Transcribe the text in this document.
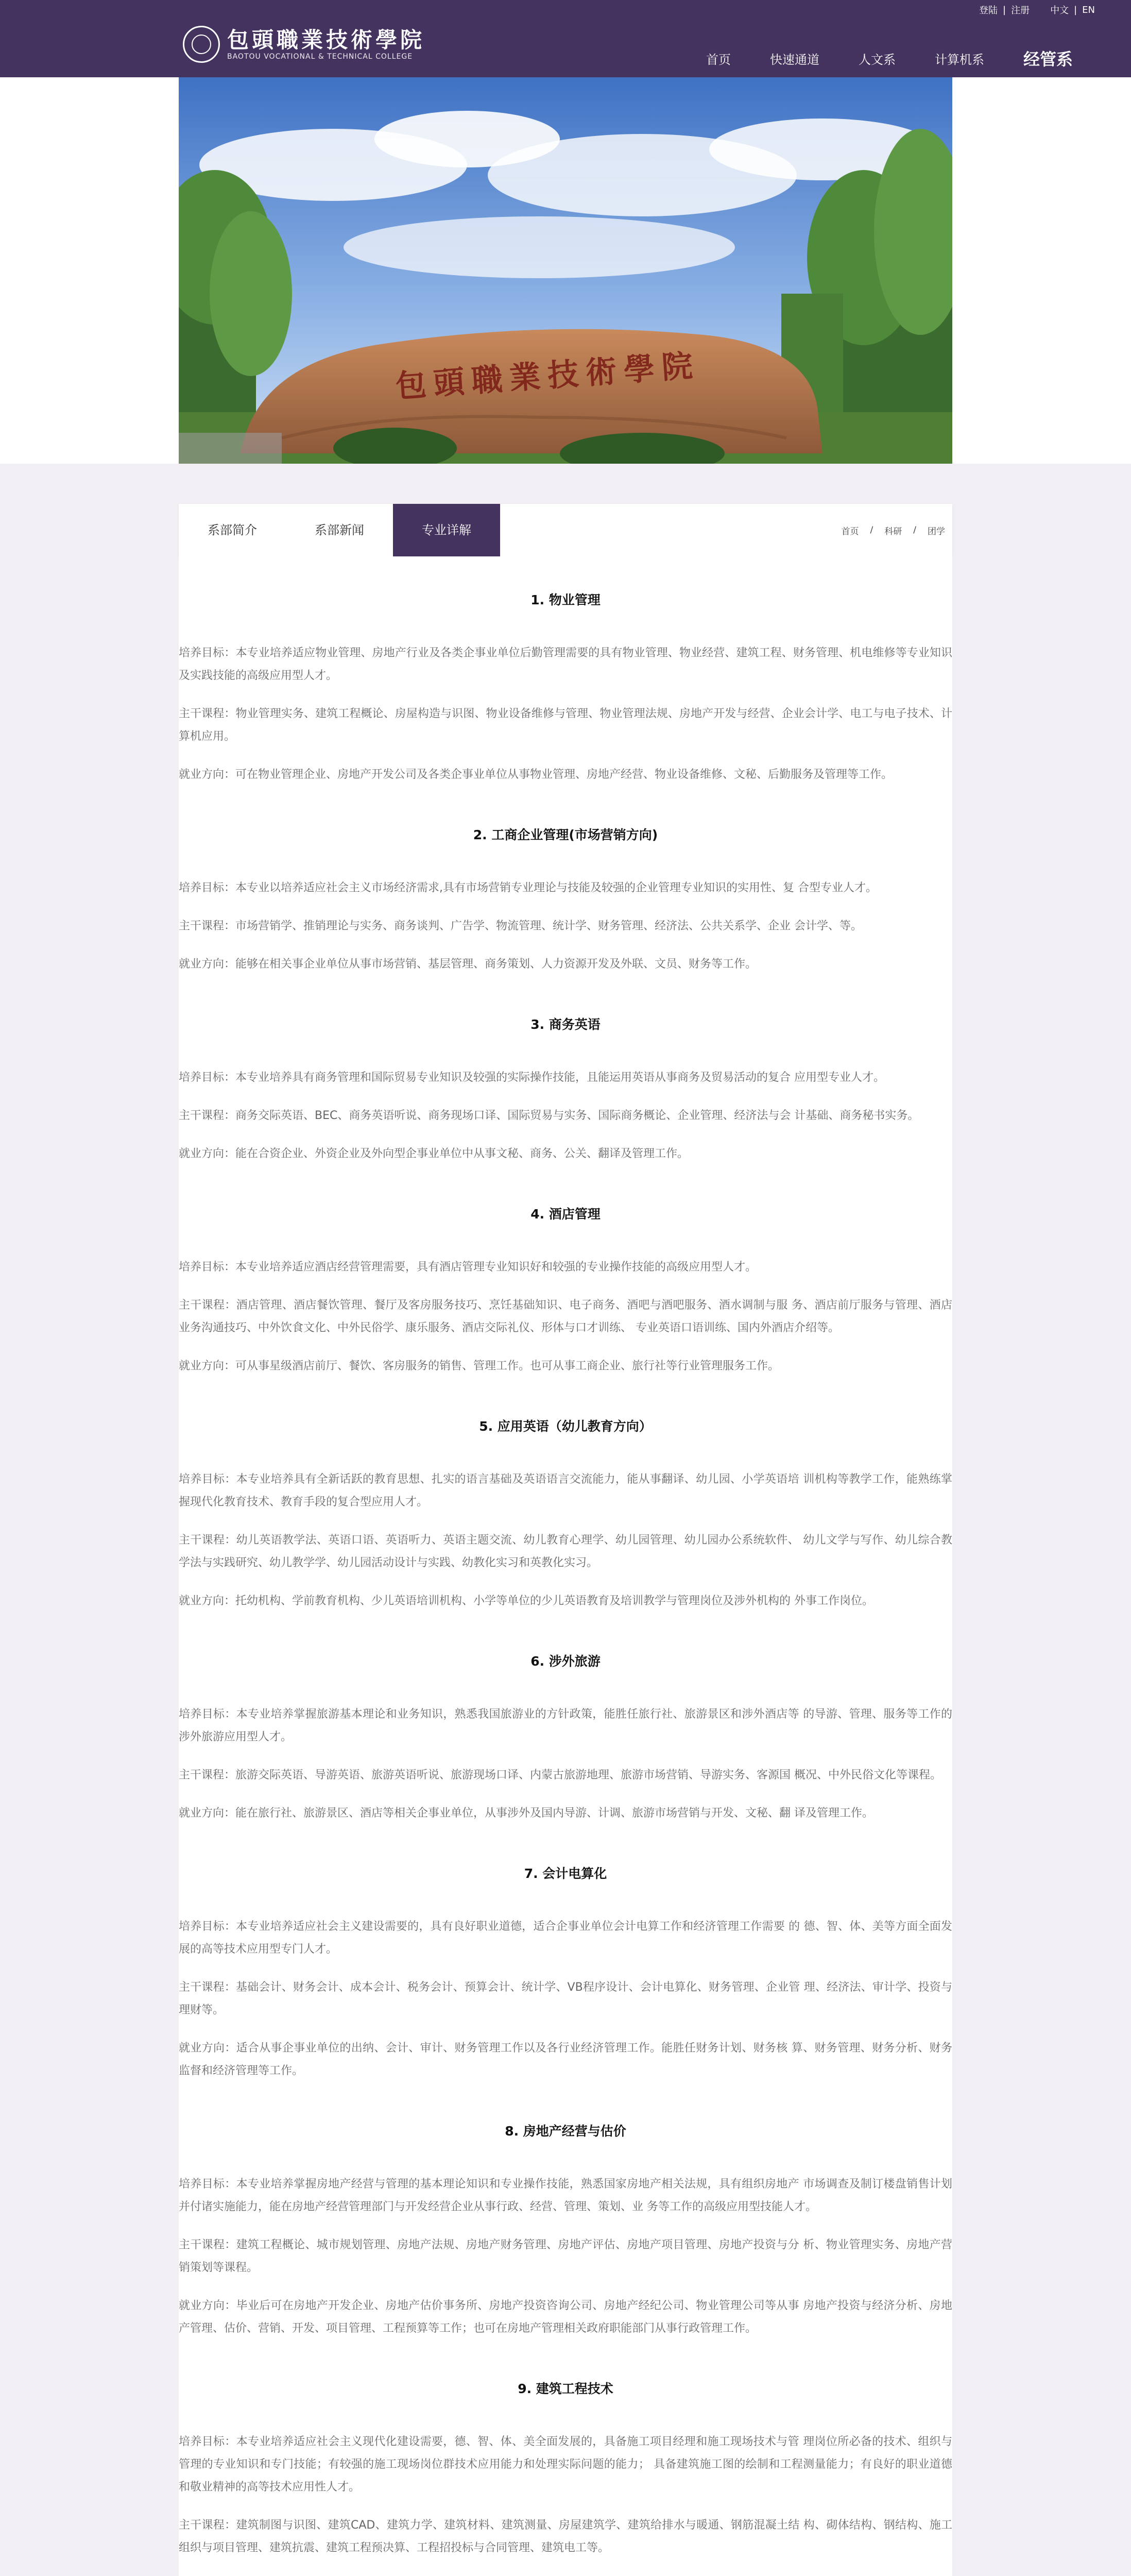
登陆 | 注册 中文 | EN
包頭職業技術學院
BAOTOU VOCATIONAL & TECHNICAL COLLEGE	首页	快速通道	人文系	计算机系	经管系
包頭職業技術學院
系部简介	系部新闻	专业详解	首页 / 科研 / 团学
1. 物业管理

培养目标：本专业培养适应物业管理、房地产行业及各类企事业单位后勤管理需要的具有物业管理、物业经营、建筑工程、财务管理、机电维修等专业知识及实践技能的高级应用型人才。

主干课程：物业管理实务、建筑工程概论、房屋构造与识图、物业设备维修与管理、物业管理法规、房地产开发与经营、企业会计学、电工与电子技术、计算机应用。

就业方向：可在物业管理企业、房地产开发公司及各类企事业单位从事物业管理、房地产经营、物业设备维修、文秘、后勤服务及管理等工作。

2. 工商企业管理(市场营销方向)

培养目标：本专业以培养适应社会主义市场经济需求,具有市场营销专业理论与技能及较强的企业管理专业知识的实用性、复 合型专业人才。

主干课程：市场营销学、推销理论与实务、商务谈判、广告学、物流管理、统计学、财务管理、经济法、公共关系学、企业 会计学、等。

就业方向：能够在相关事企业单位从事市场营销、基层管理、商务策划、人力资源开发及外联、文员、财务等工作。

3. 商务英语

培养目标：本专业培养具有商务管理和国际贸易专业知识及较强的实际操作技能，且能运用英语从事商务及贸易活动的复合 应用型专业人才。

主干课程：商务交际英语、BEC、商务英语听说、商务现场口译、国际贸易与实务、国际商务概论、企业管理、经济法与会 计基础、商务秘书实务。

就业方向：能在合资企业、外资企业及外向型企事业单位中从事文秘、商务、公关、翻译及管理工作。

4. 酒店管理

培养目标：本专业培养适应酒店经营管理需要，具有酒店管理专业知识好和较强的专业操作技能的高级应用型人才。

主干课程：酒店管理、酒店餐饮管理、餐厅及客房服务技巧、烹饪基础知识、电子商务、酒吧与酒吧服务、酒水调制与服 务、酒店前厅服务与管理、酒店业务沟通技巧、中外饮食文化、中外民俗学、康乐服务、酒店交际礼仪、形体与口才训练、 专业英语口语训练、国内外酒店介绍等。

就业方向：可从事星级酒店前厅、餐饮、客房服务的销售、管理工作。也可从事工商企业、旅行社等行业管理服务工作。

5. 应用英语（幼儿教育方向）

培养目标：本专业培养具有全新话跃的教育思想、扎实的语言基础及英语语言交流能力，能从事翻译、幼儿园、小学英语培 训机构等教学工作，能熟练掌握现代化教育技术、教育手段的复合型应用人才。

主干课程：幼儿英语教学法、英语口语、英语听力、英语主题交流、幼儿教育心理学、幼儿园管理、幼儿园办公系统软件、 幼儿文学与写作、幼儿综合教学法与实践研究、幼儿教学学、幼儿园活动设计与实践、幼教化实习和英教化实习。

就业方向：托幼机构、学前教育机构、少儿英语培训机构、小学等单位的少儿英语教育及培训教学与管理岗位及涉外机构的 外事工作岗位。

6. 涉外旅游

培养目标：本专业培养掌握旅游基本理论和业务知识，熟悉我国旅游业的方针政策，能胜任旅行社、旅游景区和涉外酒店等 的导游、管理、服务等工作的涉外旅游应用型人才。

主干课程：旅游交际英语、导游英语、旅游英语听说、旅游现场口译、内蒙古旅游地理、旅游市场营销、导游实务、客源国 概况、中外民俗文化等课程。

就业方向：能在旅行社、旅游景区、酒店等相关企事业单位，从事涉外及国内导游、计调、旅游市场营销与开发、文秘、翻 译及管理工作。

7. 会计电算化

培养目标：本专业培养适应社会主义建设需要的，具有良好职业道德，适合企事业单位会计电算工作和经济管理工作需要 的 德、智、体、美等方面全面发展的高等技术应用型专门人才。

主干课程：基础会计、财务会计、成本会计、税务会计、预算会计、统计学、VB程序设计、会计电算化、财务管理、企业管 理、经济法、审计学、投资与理财等。

就业方向：适合从事企事业单位的出纳、会计、审计、财务管理工作以及各行业经济管理工作。能胜任财务计划、财务核 算、财务管理、财务分析、财务监督和经济管理等工作。

8. 房地产经营与估价

培养目标：本专业培养掌握房地产经营与管理的基本理论知识和专业操作技能，熟悉国家房地产相关法规，具有组织房地产 市场调查及制订楼盘销售计划并付诸实施能力，能在房地产经营管理部门与开发经营企业从事行政、经营、管理、策划、业 务等工作的高级应用型技能人才。

主干课程：建筑工程概论、城市规划管理、房地产法规、房地产财务管理、房地产评估、房地产项目管理、房地产投资与分 析、物业管理实务、房地产营销策划等课程。

就业方向：毕业后可在房地产开发企业、房地产估价事务所、房地产投资咨询公司、房地产经纪公司、物业管理公司等从事 房地产投资与经济分析、房地产管理、估价、营销、开发、项目管理、工程预算等工作；也可在房地产管理相关政府职能部门从事行政管理工作。

9. 建筑工程技术

培养目标：本专业培养适应社会主义现代化建设需要，德、智、体、美全面发展的，具备施工项目经理和施工现场技术与管 理岗位所必备的技术、组织与管理的专业知识和专门技能；有较强的施工现场岗位群技术应用能力和处理实际问题的能力； 具备建筑施工图的绘制和工程测量能力；有良好的职业道德和敬业精神的高等技术应用性人才。

主干课程：建筑制图与识图、建筑CAD、建筑力学、建筑材料、建筑测量、房屋建筑学、建筑给排水与暖通、钢筋混凝土结 构、砌体结构、钢结构、施工组织与项目管理、建筑抗震、建筑工程预决算、工程招投标与合同管理、建筑电工等。
